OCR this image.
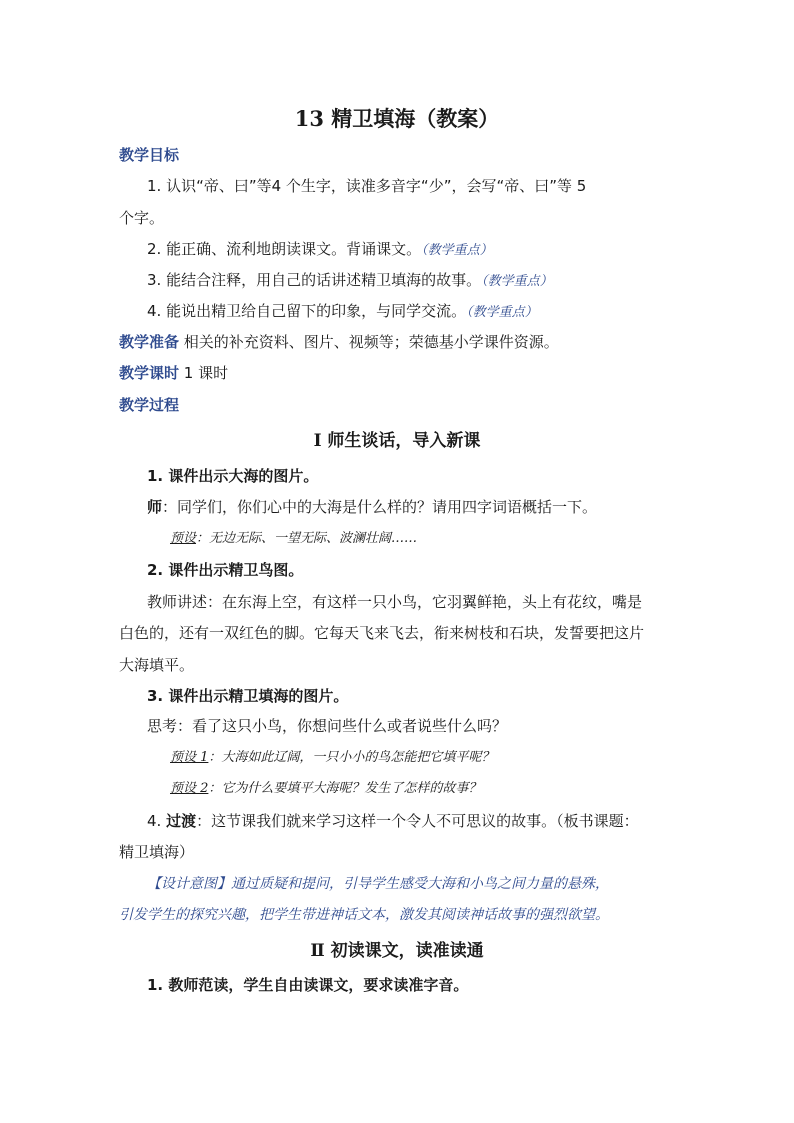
13 精卫填海（教案）
教学目标
1. 认识“帝、曰”等4 个生字，读准多音字“少”，会写“帝、曰”等 5
个字。
2. 能正确、流利地朗读课文。背诵课文。（教学重点）
3. 能结合注释，用自己的话讲述精卫填海的故事。（教学重点）
4. 能说出精卫给自己留下的印象，与同学交流。（教学重点）
教学准备 相关的补充资料、图片、视频等；荣德基小学课件资源。
教学课时 1 课时
教学过程
Ⅰ 师生谈话，导入新课
1. 课件出示大海的图片。
师：同学们，你们心中的大海是什么样的？请用四字词语概括一下。
预设：无边无际、一望无际、波澜壮阔……
2. 课件出示精卫鸟图。
教师讲述：在东海上空，有这样一只小鸟，它羽翼鲜艳，头上有花纹，嘴是
白色的，还有一双红色的脚。它每天飞来飞去，衔来树枝和石块，发誓要把这片
大海填平。
3. 课件出示精卫填海的图片。
思考：看了这只小鸟，你想问些什么或者说些什么吗？
预设 1：大海如此辽阔，一只小小的鸟怎能把它填平呢？
预设 2：它为什么要填平大海呢？发生了怎样的故事？
4. 过渡：这节课我们就来学习这样一个令人不可思议的故事。（板书课题：
精卫填海）
【设计意图】通过质疑和提问，引导学生感受大海和小鸟之间力量的悬殊，
引发学生的探究兴趣，把学生带进神话文本，激发其阅读神话故事的强烈欲望。
Ⅱ 初读课文，读准读通
1. 教师范读，学生自由读课文，要求读准字音。
